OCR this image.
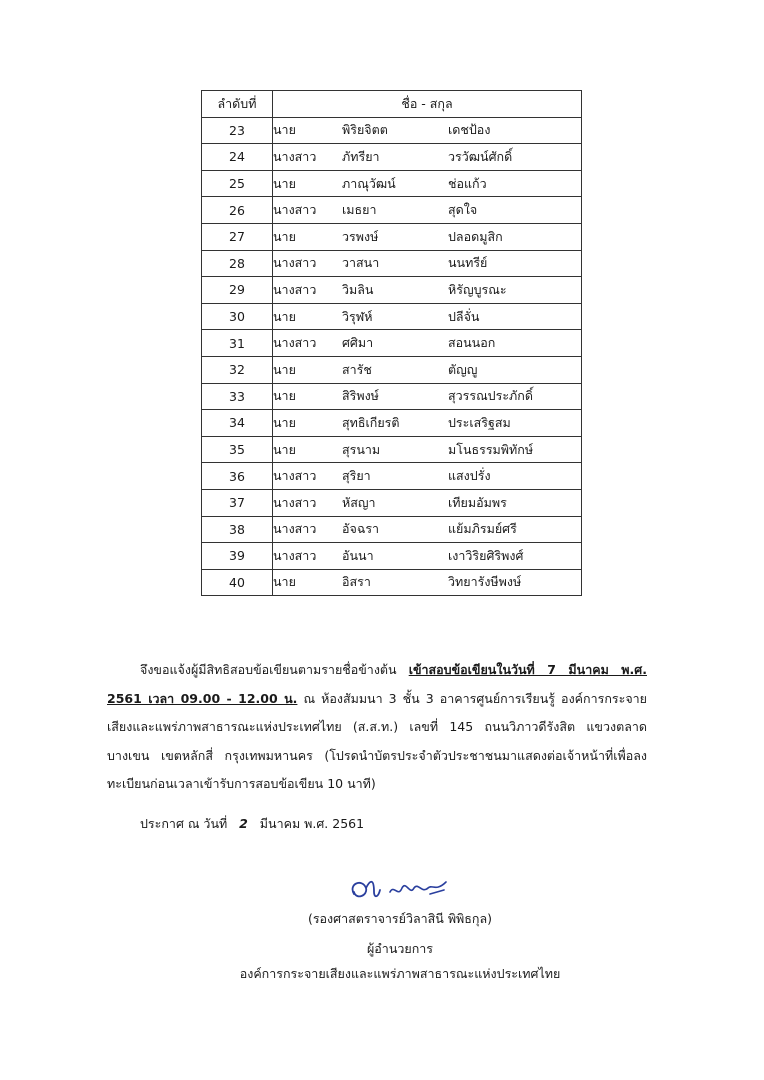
ลำดับที่	ชื่อ - สกุล
23	นาย พิริยจิตต เดชป้อง

24	นางสาว ภัทรียา วรวัฒน์ศักดิ์

25	นาย ภาณุวัฒน์ ช่อแก้ว

26	นางสาว เมธยา สุดใจ

27	นาย วรพงษ์ ปลอดมูสิก

28	นางสาว วาสนา นนทรีย์

29	นางสาว วิมลิน หิรัญบูรณะ

30	นาย วิรุฬห์ ปลีจั่น

31	นางสาว ศศิมา สอนนอก

32	นาย สารัช ตัญญู

33	นาย สิริพงษ์ สุวรรณประภักดิ์

34	นาย สุทธิเกียรติ ประเสริฐสม

35	นาย สุรนาม มโนธรรมพิทักษ์

36	นางสาว สุริยา แสงปรั่ง

37	นางสาว หัสญา เทียมอัมพร

38	นางสาว อัจฉรา แย้มภิรมย์ศรี

39	นางสาว อันนา เงาวิริยศิริพงศ์

40	นาย อิสรา วิทยารังษีพงษ์

จึงขอแจ้งผู้มีสิทธิสอบข้อเขียนตามรายชื่อข้างต้น เข้าสอบข้อเขียนในวันที่ 7 มีนาคม พ.ศ. 2561 เวลา 09.00 - 12.00 น. ณ ห้องสัมมนา 3 ชั้น 3 อาคารศูนย์การเรียนรู้ องค์การกระจายเสียงและแพร่ภาพสาธารณะแห่งประเทศไทย (ส.ส.ท.) เลขที่ 145 ถนนวิภาวดีรังสิต แขวงตลาดบางเขน เขตหลักสี่ กรุงเทพมหานคร (โปรดนำบัตรประจำตัวประชาชนมาแสดงต่อเจ้าหน้าที่เพื่อลงทะเบียนก่อนเวลาเข้ารับการสอบข้อเขียน 10 นาที)

ประกาศ ณ วันที่ 2 มีนาคม พ.ศ. 2561
(รองศาสตราจารย์วิลาสินี พิพิธกุล)
ผู้อำนวยการ
องค์การกระจายเสียงและแพร่ภาพสาธารณะแห่งประเทศไทย
